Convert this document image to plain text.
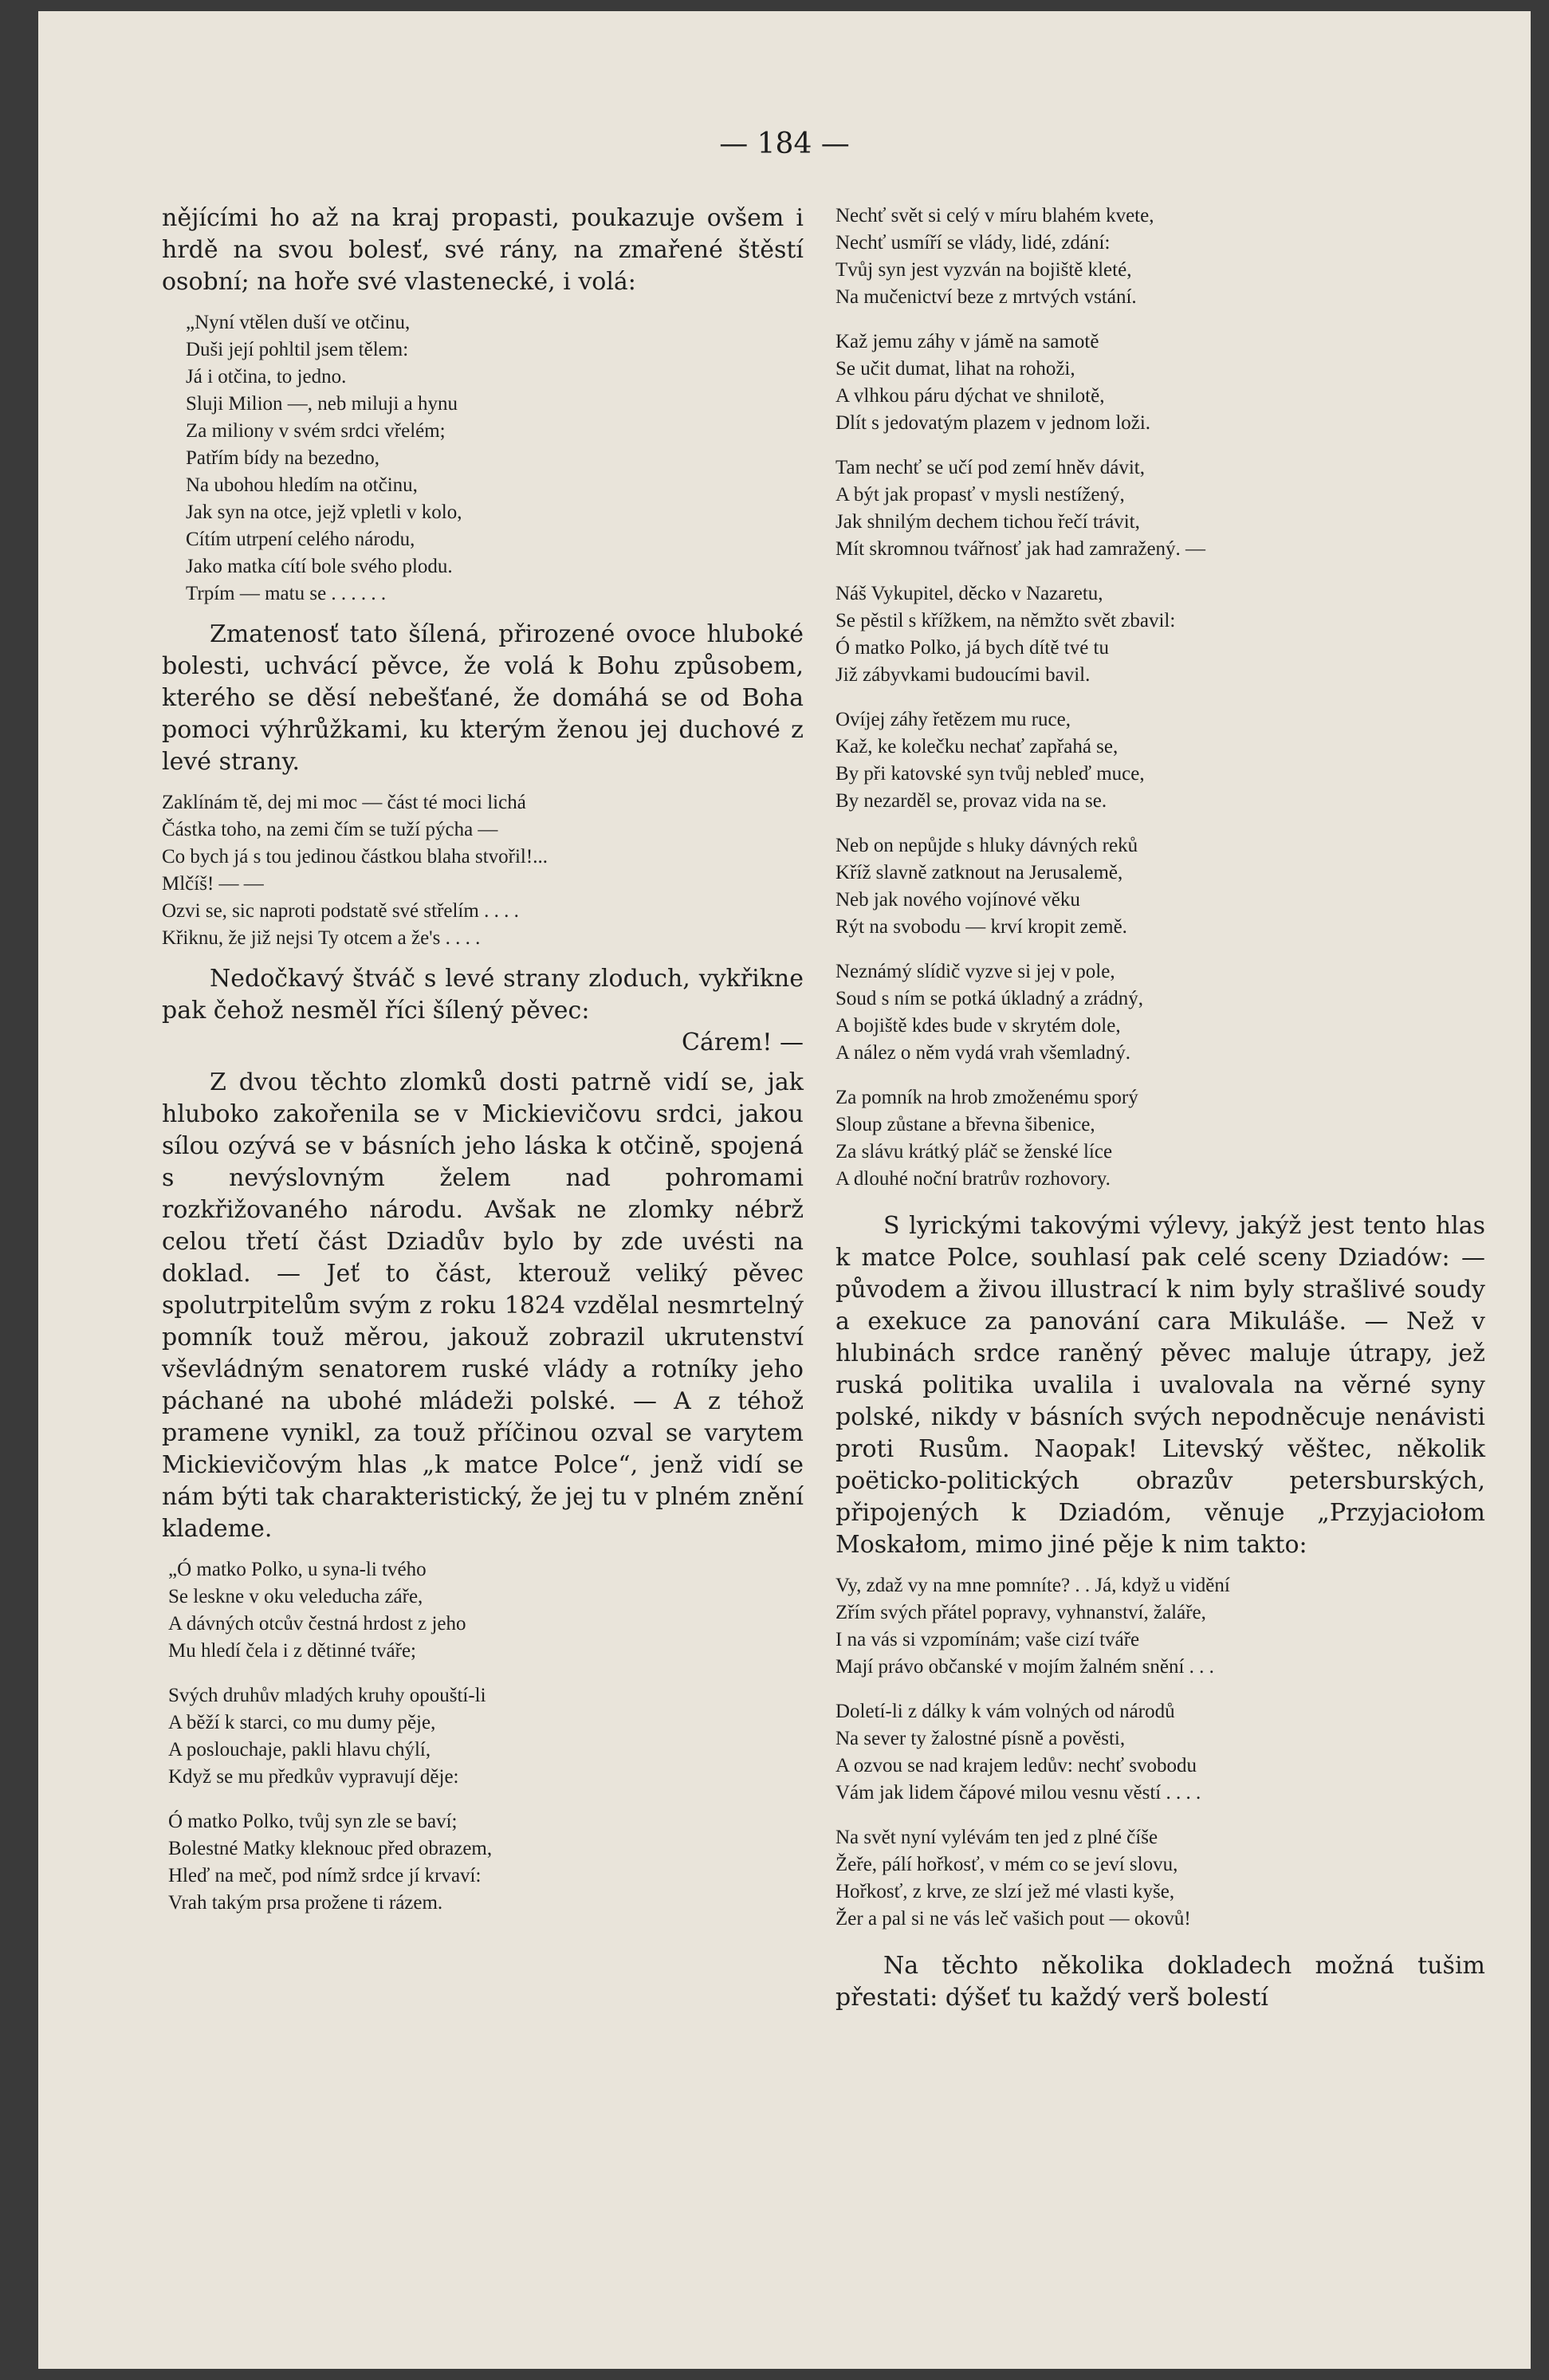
— 184 —

nějícími ho až na kraj propasti, poukazuje ovšem i hrdě na svou bolesť, své rány, na zmařené štěstí osobní; na hoře své vlastenecké, i volá:

„Nyní vtělen duší ve otčinu,
Duši její pohltil jsem tělem:
Já i otčina, to jedno.
Sluji Milion —, neb miluji a hynu
Za miliony v svém srdci vřelém;
Patřím bídy na bezedno,
Na ubohou hledím na otčinu,
Jak syn na otce, jejž vpletli v kolo,
Cítím utrpení celého národu,
Jako matka cítí bole svého plodu.
Trpím — matu se . . . . . .

Zmatenosť tato šílená, přirozené ovoce hluboké bolesti, uchvácí pěvce, že volá k Bohu způsobem, kterého se děsí nebešťané, že domáhá se od Boha pomoci výhrůžkami, ku kterým ženou jej duchové z levé strany.

Zaklínám tě, dej mi moc — část té moci lichá
Částka toho, na zemi čím se tuží pýcha —
Co bych já s tou jedinou částkou blaha stvořil!...
Mlčíš! — —
Ozvi se, sic naproti podstatě své střelím . . . .
Křiknu, že již nejsi Ty otcem a že's . . . .

Nedočkavý štváč s levé strany zloduch, vykřikne pak čehož nesměl říci šílený pěvec:

Cárem! —

Z dvou těchto zlomků dosti patrně vidí se, jak hluboko zakořenila se v Mickievičovu srdci, jakou sílou ozývá se v básních jeho láska k otčině, spojená s nevýslovným želem nad pohromami rozkřižovaného národu. Avšak ne zlomky nébrž celou třetí část Dziadův bylo by zde uvésti na doklad. — Jeť to část, kterouž veliký pěvec spolutrpitelům svým z roku 1824 vzdělal nesmrtelný pomník touž měrou, jakouž zobrazil ukrutenství vševládným senatorem ruské vlády a rotníky jeho páchané na ubohé mládeži polské. — A z téhož pramene vynikl, za touž příčinou ozval se varytem Mickievičovým hlas „k matce Polce“, jenž vidí se nám býti tak charakteristický, že jej tu v plném znění klademe.

„Ó matko Polko, u syna-li tvého
Se leskne v oku veleducha záře,
A dávných otcův čestná hrdost z jeho
Mu hledí čela i z dětinné tváře;
Svých druhův mladých kruhy opouští-li
A běží k starci, co mu dumy pěje,
A poslouchaje, pakli hlavu chýlí,
Když se mu předkův vypravují děje:
Ó matko Polko, tvůj syn zle se baví;
Bolestné Matky kleknouc před obrazem,
Hleď na meč, pod nímž srdce jí krvaví:
Vrah takým prsa prožene ti rázem.
Nechť svět si celý v míru blahém kvete,
Nechť usmíří se vlády, lidé, zdání:
Tvůj syn jest vyzván na bojiště kleté,
Na mučenictví beze z mrtvých vstání.
Kaž jemu záhy v jámě na samotě
Se učit dumat, lihat na rohoži,
A vlhkou páru dýchat ve shnilotě,
Dlít s jedovatým plazem v jednom loži.
Tam nechť se učí pod zemí hněv dávit,
A být jak propasť v mysli nestížený,
Jak shnilým dechem tichou řečí trávit,
Mít skromnou tvářnosť jak had zamražený. —
Náš Vykupitel, děcko v Nazaretu,
Se pěstil s křížkem, na němžto svět zbavil:
Ó matko Polko, já bych dítě tvé tu
Již zábyvkami budoucími bavil.
Ovíjej záhy řetězem mu ruce,
Kaž, ke kolečku nechať zapřahá se,
By při katovské syn tvůj nebleď muce,
By nezarděl se, provaz vida na se.
Neb on nepůjde s hluky dávných reků
Kříž slavně zatknout na Jerusalemě,
Neb jak nového vojínové věku
Rýt na svobodu — krví kropit země.
Neznámý slídič vyzve si jej v pole,
Soud s ním se potká úkladný a zrádný,
A bojiště kdes bude v skrytém dole,
A nález o něm vydá vrah všemladný.
Za pomník na hrob zmoženému sporý
Sloup zůstane a břevna šibenice,
Za slávu krátký pláč se ženské líce
A dlouhé noční bratrův rozhovory.

S lyrickými takovými výlevy, jakýž jest tento hlas k matce Polce, souhlasí pak celé sceny Dziadów: — původem a živou illustrací k nim byly strašlivé soudy a exekuce za panování cara Mikuláše. — Než v hlubinách srdce raněný pěvec maluje útrapy, jež ruská politika uvalila i uvalovala na věrné syny polské, nikdy v básních svých nepodněcuje nenávisti proti Rusům. Naopak! Litevský věštec, několik poëticko-politických obrazův petersburských, připojených k Dziadóm, věnuje „Przyjaciołom Moskałom, mimo jiné pěje k nim takto:

Vy, zdaž vy na mne pomníte? . . Já, když u vidění
Zřím svých přátel popravy, vyhnanství, žaláře,
I na vás si vzpomínám; vaše cizí tváře
Mají právo občanské v mojím žalném snění . . .
Doletí-li z dálky k vám volných od národů
Na sever ty žalostné písně a pověsti,
A ozvou se nad krajem ledův: nechť svobodu
Vám jak lidem čápové milou vesnu věstí . . . .
Na svět nyní vylévám ten jed z plné číše
Žeře, pálí hořkosť, v mém co se jeví slovu,
Hořkosť, z krve, ze slzí jež mé vlasti kyše,
Žer a pal si ne vás leč vašich pout — okovů!

Na těchto několika dokladech možná tušim přestati: dýšeť tu každý verš bolestí
